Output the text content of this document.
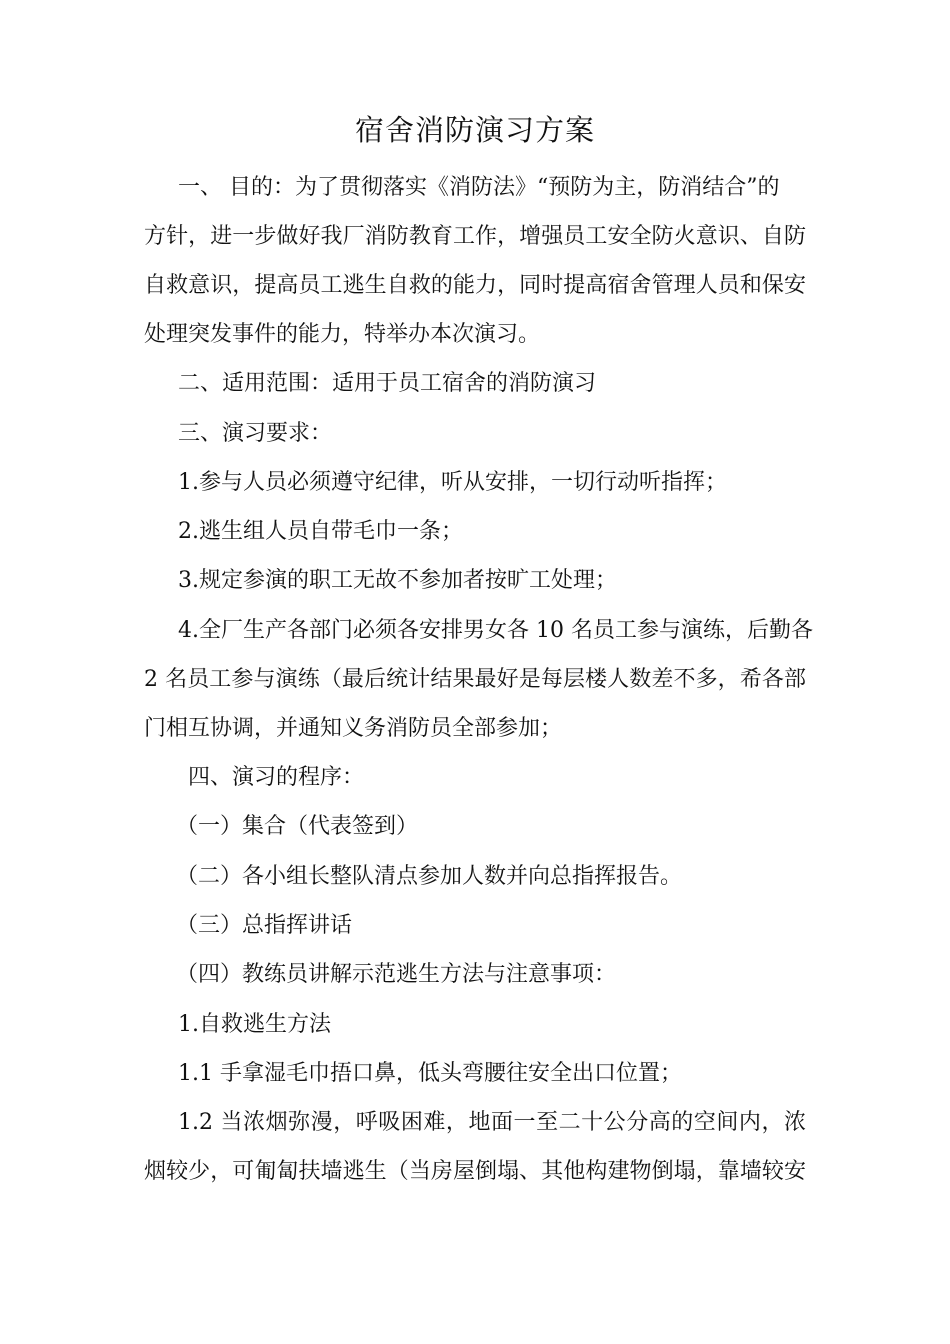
宿舍消防演习方案
一、 目的：为了贯彻落实《消防法》“预防为主，防消结合”的
方针，进一步做好我厂消防教育工作，增强员工安全防火意识、自防
自救意识，提高员工逃生自救的能力，同时提高宿舍管理人员和保安
处理突发事件的能力，特举办本次演习。
二、适用范围：适用于员工宿舍的消防演习
三、演习要求：
1.参与人员必须遵守纪律，听从安排，一切行动听指挥；
2.逃生组人员自带毛巾一条；
3.规定参演的职工无故不参加者按旷工处理；
4.全厂生产各部门必须各安排男女各 10 名员工参与演练，后勤各
2 名员工参与演练（最后统计结果最好是每层楼人数差不多，希各部
门相互协调，并通知义务消防员全部参加；
四、演习的程序：
（一）集合（代表签到）
（二）各小组长整队清点参加人数并向总指挥报告。
（三）总指挥讲话
（四）教练员讲解示范逃生方法与注意事项：
1.自救逃生方法
1.1 手拿湿毛巾捂口鼻，低头弯腰往安全出口位置；
1.2 当浓烟弥漫，呼吸困难，地面一至二十公分高的空间内，浓
烟较少，可匍匐扶墙逃生（当房屋倒塌、其他构建物倒塌，靠墙较安
